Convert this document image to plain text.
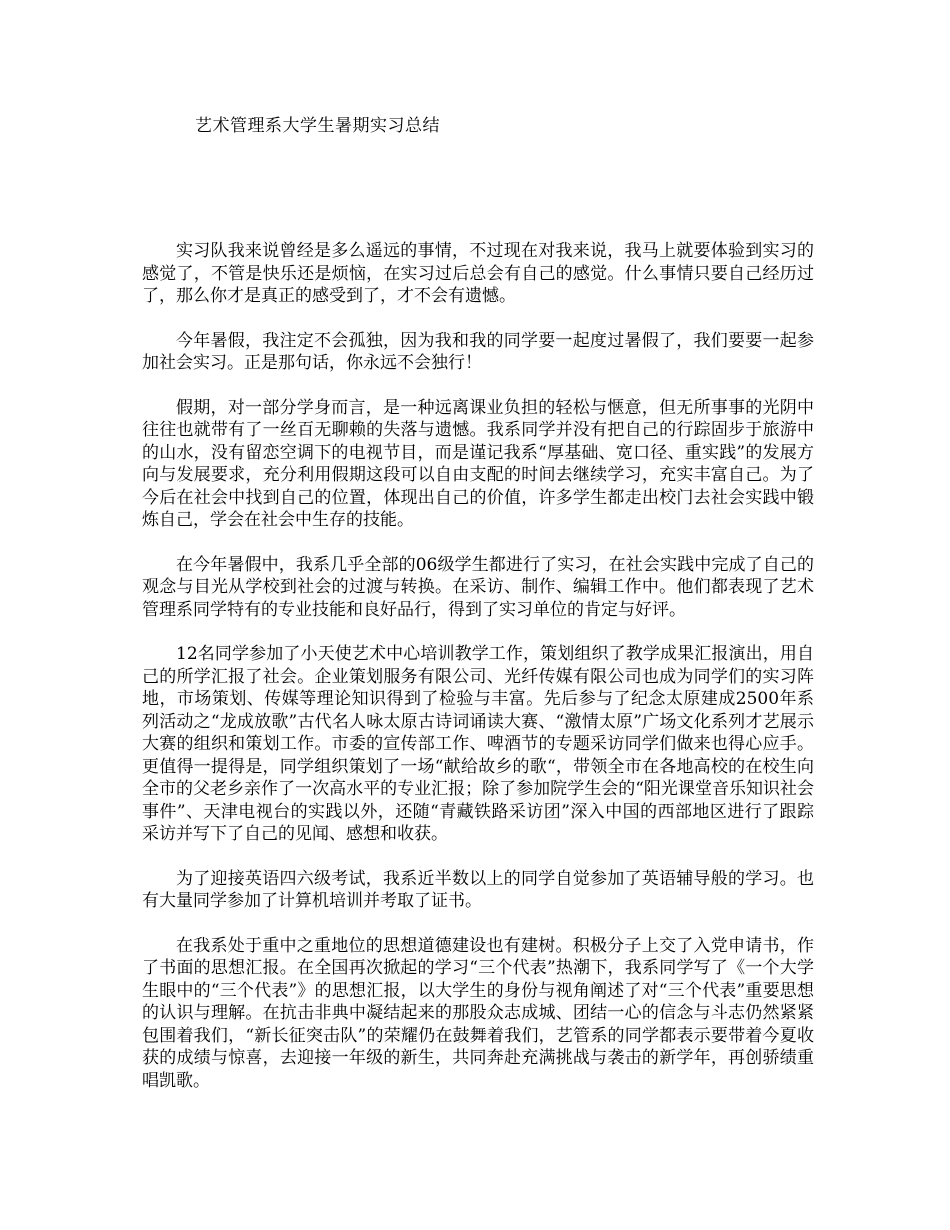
艺术管理系大学生暑期实习总结

实习队我来说曾经是多么遥远的事情，不过现在对我来说，我马上就要体验到实习的感觉了，不管是快乐还是烦恼，在实习过后总会有自己的感觉。什么事情只要自己经历过了，那么你才是真正的感受到了，才不会有遗憾。

今年暑假，我注定不会孤独，因为我和我的同学要一起度过暑假了，我们要要一起参加社会实习。正是那句话，你永远不会独行！

假期，对一部分学身而言，是一种远离课业负担的轻松与惬意，但无所事事的光阴中往往也就带有了一丝百无聊赖的失落与遗憾。我系同学并没有把自己的行踪固步于旅游中的山水，没有留恋空调下的电视节目，而是谨记我系“厚基础、宽口径、重实践”的发展方向与发展要求，充分利用假期这段可以自由支配的时间去继续学习，充实丰富自己。为了今后在社会中找到自己的位置，体现出自己的价值，许多学生都走出校门去社会实践中锻炼自己，学会在社会中生存的技能。

在今年暑假中，我系几乎全部的06级学生都进行了实习，在社会实践中完成了自己的观念与目光从学校到社会的过渡与转换。在采访、制作、编辑工作中。他们都表现了艺术管理系同学特有的专业技能和良好品行，得到了实习单位的肯定与好评。

12名同学参加了小天使艺术中心培训教学工作，策划组织了教学成果汇报演出，用自己的所学汇报了社会。企业策划服务有限公司、光纤传媒有限公司也成为同学们的实习阵地，市场策划、传媒等理论知识得到了检验与丰富。先后参与了纪念太原建成2500年系列活动之“龙成放歌”古代名人咏太原古诗词诵读大赛、“激情太原”广场文化系列才艺展示大赛的组织和策划工作。市委的宣传部工作、啤酒节的专题采访同学们做来也得心应手。更值得一提得是，同学组织策划了一场“献给故乡的歌“，带领全市在各地高校的在校生向全市的父老乡亲作了一次高水平的专业汇报；除了参加院学生会的“阳光课堂音乐知识社会事件”、天津电视台的实践以外，还随“青藏铁路采访团”深入中国的西部地区进行了跟踪采访并写下了自己的见闻、感想和收获。

为了迎接英语四六级考试，我系近半数以上的同学自觉参加了英语辅导般的学习。也有大量同学参加了计算机培训并考取了证书。

在我系处于重中之重地位的思想道德建设也有建树。积极分子上交了入党申请书，作了书面的思想汇报。在全国再次掀起的学习“三个代表”热潮下，我系同学写了《一个大学生眼中的“三个代表”》的思想汇报，以大学生的身份与视角阐述了对“三个代表”重要思想的认识与理解。在抗击非典中凝结起来的那股众志成城、团结一心的信念与斗志仍然紧紧包围着我们，“新长征突击队”的荣耀仍在鼓舞着我们，艺管系的同学都表示要带着今夏收获的成绩与惊喜，去迎接一年级的新生，共同奔赴充满挑战与袭击的新学年，再创骄绩重唱凯歌。
